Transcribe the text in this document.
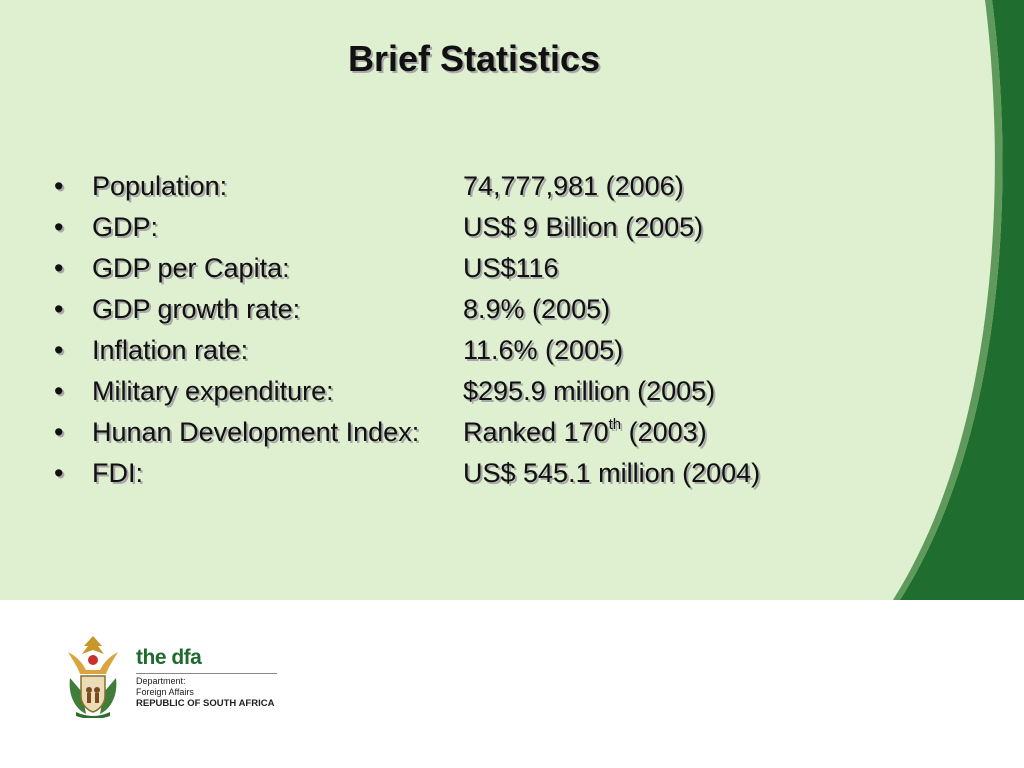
Brief Statistics
• Population:	74,777,981 (2006)
• GDP:	US$ 9 Billion (2005)
• GDP per Capita:	US$116
• GDP growth rate:	8.9% (2005)
• Inflation rate:	11.6% (2005)
• Military expenditure:	$295.9 million (2005)
• Hunan Development Index: Ranked 170th (2003)
• FDI:	US$ 545.1 million (2004)
the dfa
Department:
Foreign Affairs
REPUBLIC OF SOUTH AFRICA
